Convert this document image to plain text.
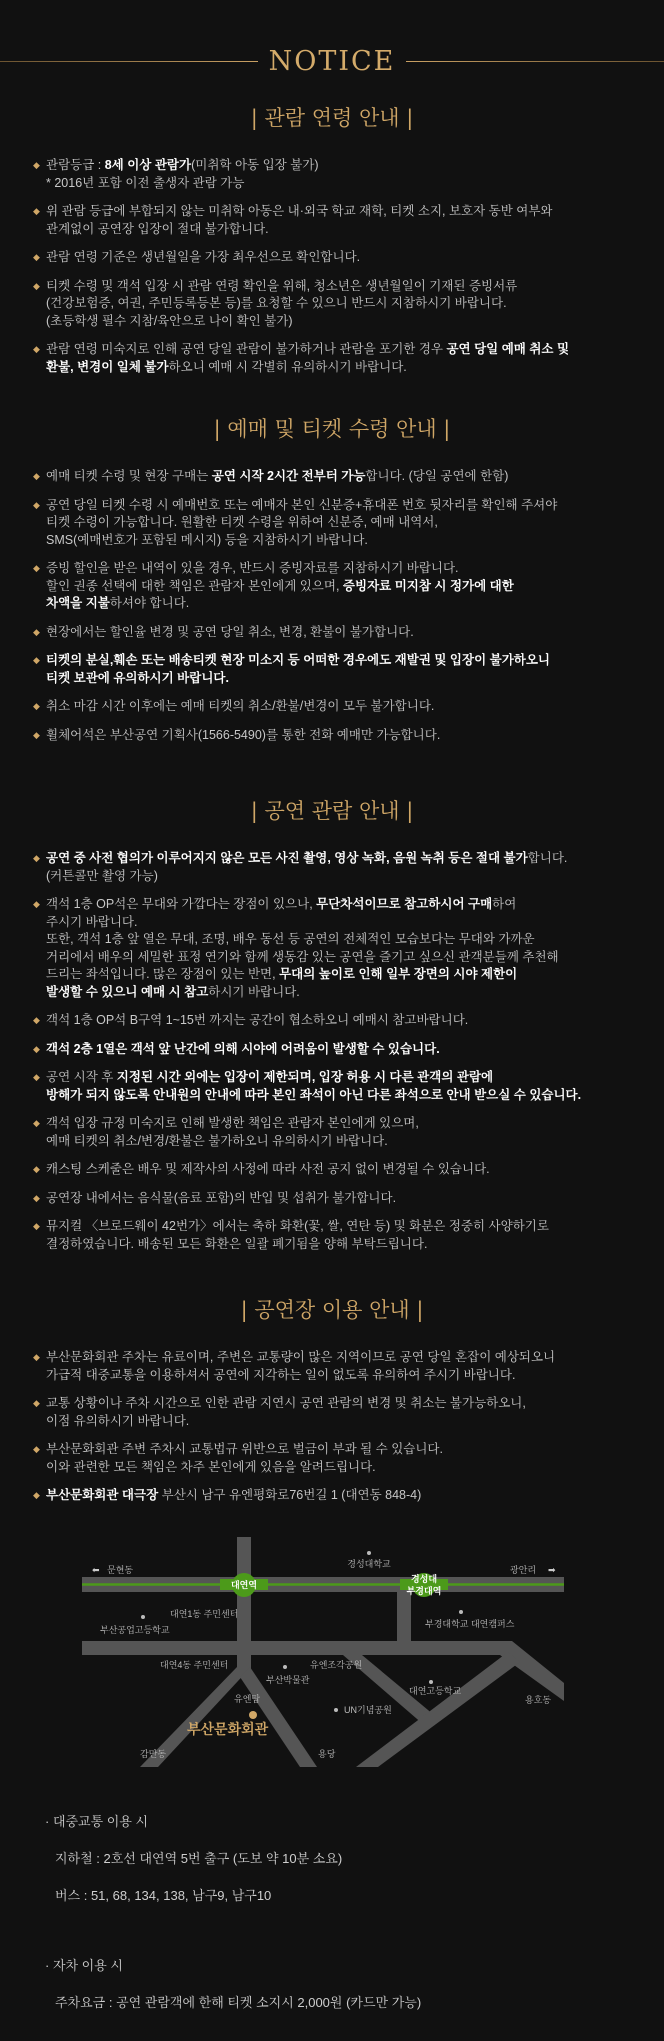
NOTICE
| 관람 연령 안내 |
◆ 관람등급 : 8세 이상 관람가(미취학 아동 입장 불가)
* 2016년 포함 이전 출생자 관람 가능
◆ 위 관람 등급에 부합되지 않는 미취학 아동은 내·외국 학교 재학, 티켓 소지, 보호자 동반 여부와
관계없이 공연장 입장이 절대 불가합니다.
◆ 관람 연령 기준은 생년월일을 가장 최우선으로 확인합니다.
◆ 티켓 수령 및 객석 입장 시 관람 연령 확인을 위해, 청소년은 생년월일이 기재된 증빙서류
(건강보험증, 여권, 주민등록등본 등)를 요청할 수 있으니 반드시 지참하시기 바랍니다.
(초등학생 필수 지참/육안으로 나이 확인 불가)
◆ 관람 연령 미숙지로 인해 공연 당일 관람이 불가하거나 관람을 포기한 경우 공연 당일 예매 취소 및
환불, 변경이 일체 불가하오니 예매 시 각별히 유의하시기 바랍니다.
| 예매 및 티켓 수령 안내 |
◆ 예매 티켓 수령 및 현장 구매는 공연 시작 2시간 전부터 가능합니다. (당일 공연에 한함)
◆ 공연 당일 티켓 수령 시 예매번호 또는 예매자 본인 신분증+휴대폰 번호 뒷자리를 확인해 주셔야
티켓 수령이 가능합니다. 원활한 티켓 수령을 위하여 신분증, 예매 내역서,
SMS(예매번호가 포함된 메시지) 등을 지참하시기 바랍니다.
◆ 증빙 할인을 받은 내역이 있을 경우, 반드시 증빙자료를 지참하시기 바랍니다.
할인 권종 선택에 대한 책임은 관람자 본인에게 있으며, 증빙자료 미지참 시 정가에 대한
차액을 지불하셔야 합니다.
◆ 현장에서는 할인율 변경 및 공연 당일 취소, 변경, 환불이 불가합니다.
◆ 티켓의 분실,훼손 또는 배송티켓 현장 미소지 등 어떠한 경우에도 재발권 및 입장이 불가하오니
티켓 보관에 유의하시기 바랍니다.
◆ 취소 마감 시간 이후에는 예매 티켓의 취소/환불/변경이 모두 불가합니다.
◆ 휠체어석은 부산공연 기획사(1566-5490)를 통한 전화 예매만 가능합니다.
| 공연 관람 안내 |
◆ 공연 중 사전 협의가 이루어지지 않은 모든 사진 촬영, 영상 녹화, 음원 녹취 등은 절대 불가합니다.
(커튼콜만 촬영 가능)
◆ 객석 1층 OP석은 무대와 가깝다는 장점이 있으나, 무단차석이므로 참고하시어 구매하여
주시기 바랍니다.
또한, 객석 1층 앞 열은 무대, 조명, 배우 동선 등 공연의 전체적인 모습보다는 무대와 가까운
거리에서 배우의 세밀한 표정 연기와 함께 생동감 있는 공연을 즐기고 싶으신 관객분들께 추천해
드리는 좌석입니다. 많은 장점이 있는 반면, 무대의 높이로 인해 일부 장면의 시야 제한이
발생할 수 있으니 예매 시 참고하시기 바랍니다.
◆ 객석 1층 OP석 B구역 1~15번 까지는 공간이 협소하오니 예매시 참고바랍니다.
◆ 객석 2층 1열은 객석 앞 난간에 의해 시야에 어려움이 발생할 수 있습니다.
◆ 공연 시작 후 지정된 시간 외에는 입장이 제한되며, 입장 허용 시 다른 관객의 관람에
방해가 되지 않도록 안내원의 안내에 따라 본인 좌석이 아닌 다른 좌석으로 안내 받으실 수 있습니다.
◆ 객석 입장 규정 미숙지로 인해 발생한 책임은 관람자 본인에게 있으며,
예매 티켓의 취소/변경/환불은 불가하오니 유의하시기 바랍니다.
◆ 캐스팅 스케줄은 배우 및 제작사의 사정에 따라 사전 공지 없이 변경될 수 있습니다.
◆ 공연장 내에서는 음식물(음료 포함)의 반입 및 섭취가 불가합니다.
◆ 뮤지컬 〈브로드웨이 42번가〉에서는 축하 화환(꽃, 쌀, 연탄 등) 및 화분은 정중히 사양하기로
결정하였습니다. 배송된 모든 화환은 일괄 폐기됨을 양해 부탁드립니다.
| 공연장 이용 안내 |
◆ 부산문화회관 주차는 유료이며, 주변은 교통량이 많은 지역이므로 공연 당일 혼잡이 예상되오니
가급적 대중교통을 이용하셔서 공연에 지각하는 일이 없도록 유의하여 주시기 바랍니다.
◆ 교통 상황이나 주차 시간으로 인한 관람 지연시 공연 관람의 변경 및 취소는 불가능하오니,
이점 유의하시기 바랍니다.
◆ 부산문화회관 주변 주차시 교통법규 위반으로 벌금이 부과 될 수 있습니다.
이와 관련한 모든 책임은 차주 본인에게 있음을 알려드립니다.
◆ 부산문화회관 대극장 부산시 남구 유엔평화로76번길 1 (대연동 848-4)
대연역
경성대
부경대역
⬅ 문현동	광안리 ➡
경성대학교
대연1동 주민센터
부산공업고등학교
부경대학교 대연캠퍼스
대연4동 주민센터	유엔조각공원
부산박물관
유엔탑
대연고등학교
UN기념공원
용호동
부산문화회관
감만동	용당

· 대중교통 이용 시

지하철 : 2호선 대연역 5번 출구 (도보 약 10분 소요)

버스 : 51, 68, 134, 138, 남구9, 남구10

· 자차 이용 시

주차요금 : 공연 관람객에 한해 티켓 소지시 2,000원 (카드만 가능)
